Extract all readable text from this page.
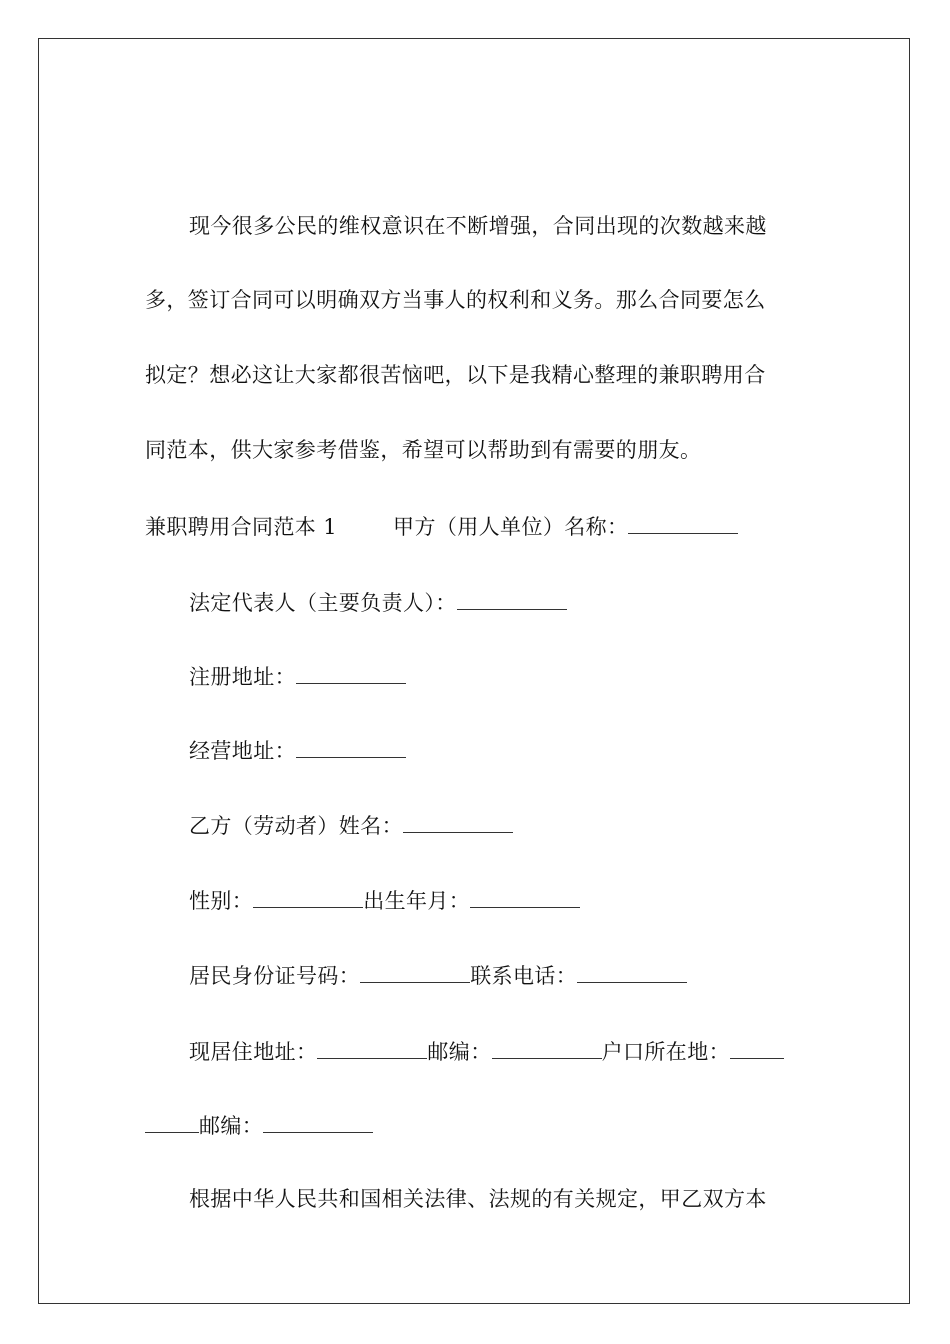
现今很多公民的维权意识在不断增强，合同出现的次数越来越
多，签订合同可以明确双方当事人的权利和义务。那么合同要怎么
拟定？想必这让大家都很苦恼吧，以下是我精心整理的兼职聘用合
同范本，供大家参考借鉴，希望可以帮助到有需要的朋友。
兼职聘用合同范本 1	甲方（用人单位）名称：
法定代表人（主要负责人）：
注册地址：
经营地址：
乙方（劳动者）姓名：
性别：	出生年月：
居民身份证号码：	联系电话：
现居住地址：	邮编：	户口所在地：
邮编：
根据中华人民共和国相关法律、法规的有关规定，甲乙双方本
